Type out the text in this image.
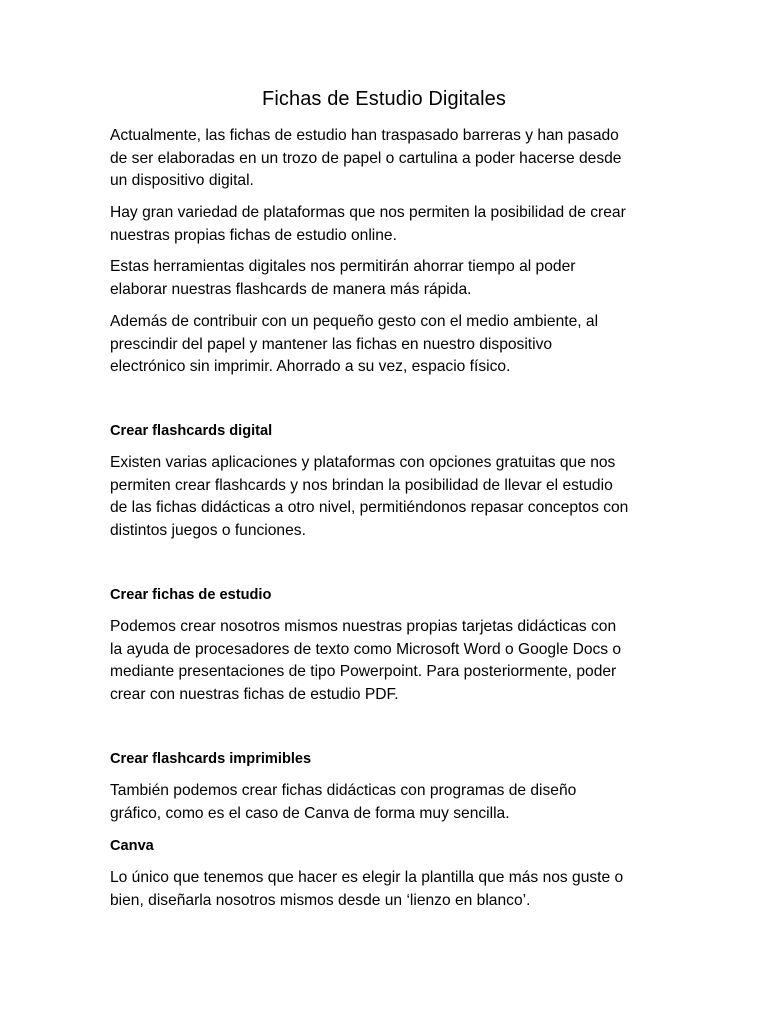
Fichas de Estudio Digitales

Actualmente, las fichas de estudio han traspasado barreras y han pasado
de ser elaboradas en un trozo de papel o cartulina a poder hacerse desde
un dispositivo digital.

Hay gran variedad de plataformas que nos permiten la posibilidad de crear
nuestras propias fichas de estudio online.

Estas herramientas digitales nos permitirán ahorrar tiempo al poder
elaborar nuestras flashcards de manera más rápida.

Además de contribuir con un pequeño gesto con el medio ambiente, al
prescindir del papel y mantener las fichas en nuestro dispositivo
electrónico sin imprimir. Ahorrado a su vez, espacio físico.

Crear flashcards digital

Existen varias aplicaciones y plataformas con opciones gratuitas que nos
permiten crear flashcards y nos brindan la posibilidad de llevar el estudio
de las fichas didácticas a otro nivel, permitiéndonos repasar conceptos con
distintos juegos o funciones.

Crear fichas de estudio

Podemos crear nosotros mismos nuestras propias tarjetas didácticas con
la ayuda de procesadores de texto como Microsoft Word o Google Docs o
mediante presentaciones de tipo Powerpoint. Para posteriormente, poder
crear con nuestras fichas de estudio PDF.

Crear flashcards imprimibles

También podemos crear fichas didácticas con programas de diseño
gráfico, como es el caso de Canva de forma muy sencilla.

Canva

Lo único que tenemos que hacer es elegir la plantilla que más nos guste o
bien, diseñarla nosotros mismos desde un ‘lienzo en blanco’.
